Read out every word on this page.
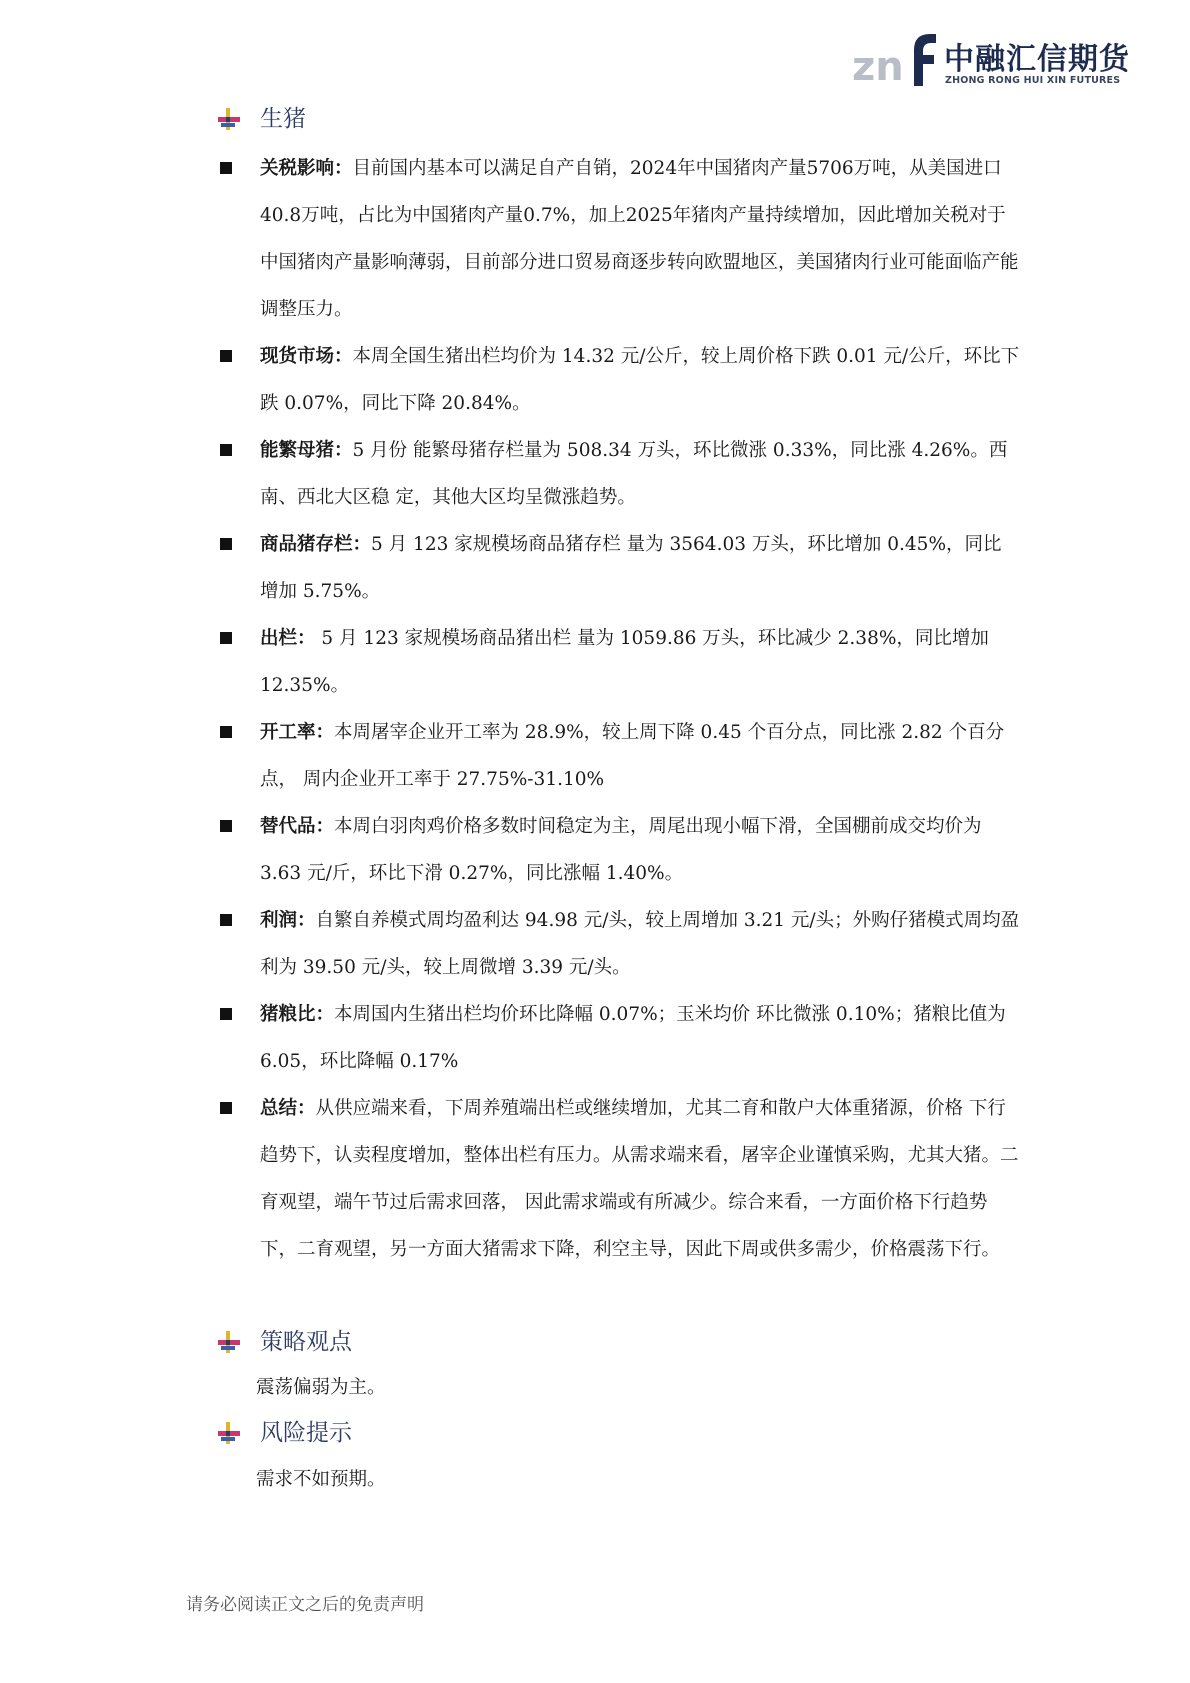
zn 中融汇信期货
ZHONG RONG HUI XIN FUTURES
生猪
关税影响：目前国内基本可以满足自产自销，2024年中国猪肉产量5706万吨，从美国进口40.8万吨，占比为中国猪肉产量0.7%，加上2025年猪肉产量持续增加，因此增加关税对于中国猪肉产量影响薄弱，目前部分进口贸易商逐步转向欧盟地区，美国猪肉行业可能面临产能调整压力。
现货市场：本周全国生猪出栏均价为 14.32 元/公斤，较上周价格下跌 0.01 元/公斤，环比下跌 0.07%，同比下降 20.84%。
能繁母猪：5 月份 能繁母猪存栏量为 508.34 万头，环比微涨 0.33%，同比涨 4.26%。西南、西北大区稳 定，其他大区均呈微涨趋势。
商品猪存栏：5 月 123 家规模场商品猪存栏 量为 3564.03 万头，环比增加 0.45%，同比增加 5.75%。
出栏： 5 月 123 家规模场商品猪出栏 量为 1059.86 万头，环比减少 2.38%，同比增加 12.35%。
开工率：本周屠宰企业开工率为 28.9%，较上周下降 0.45 个百分点，同比涨 2.82 个百分点， 周内企业开工率于 27.75%-31.10%
替代品：本周白羽肉鸡价格多数时间稳定为主，周尾出现小幅下滑，全国棚前成交均价为 3.63 元/斤，环比下滑 0.27%，同比涨幅 1.40%。
利润：自繁自养模式周均盈利达 94.98 元/头，较上周增加 3.21 元/头；外购仔猪模式周均盈利为 39.50 元/头，较上周微增 3.39 元/头。
猪粮比：本周国内生猪出栏均价环比降幅 0.07%；玉米均价 环比微涨 0.10%；猪粮比值为 6.05，环比降幅 0.17%
总结：从供应端来看，下周养殖端出栏或继续增加，尤其二育和散户大体重猪源，价格 下行趋势下，认卖程度增加，整体出栏有压力。从需求端来看，屠宰企业谨慎采购，尤其大猪。二育观望，端午节过后需求回落， 因此需求端或有所减少。综合来看，一方面价格下行趋势下，二育观望，另一方面大猪需求下降，利空主导，因此下周或供多需少，价格震荡下行。
策略观点
震荡偏弱为主。
风险提示
需求不如预期。
请务必阅读正文之后的免责声明
